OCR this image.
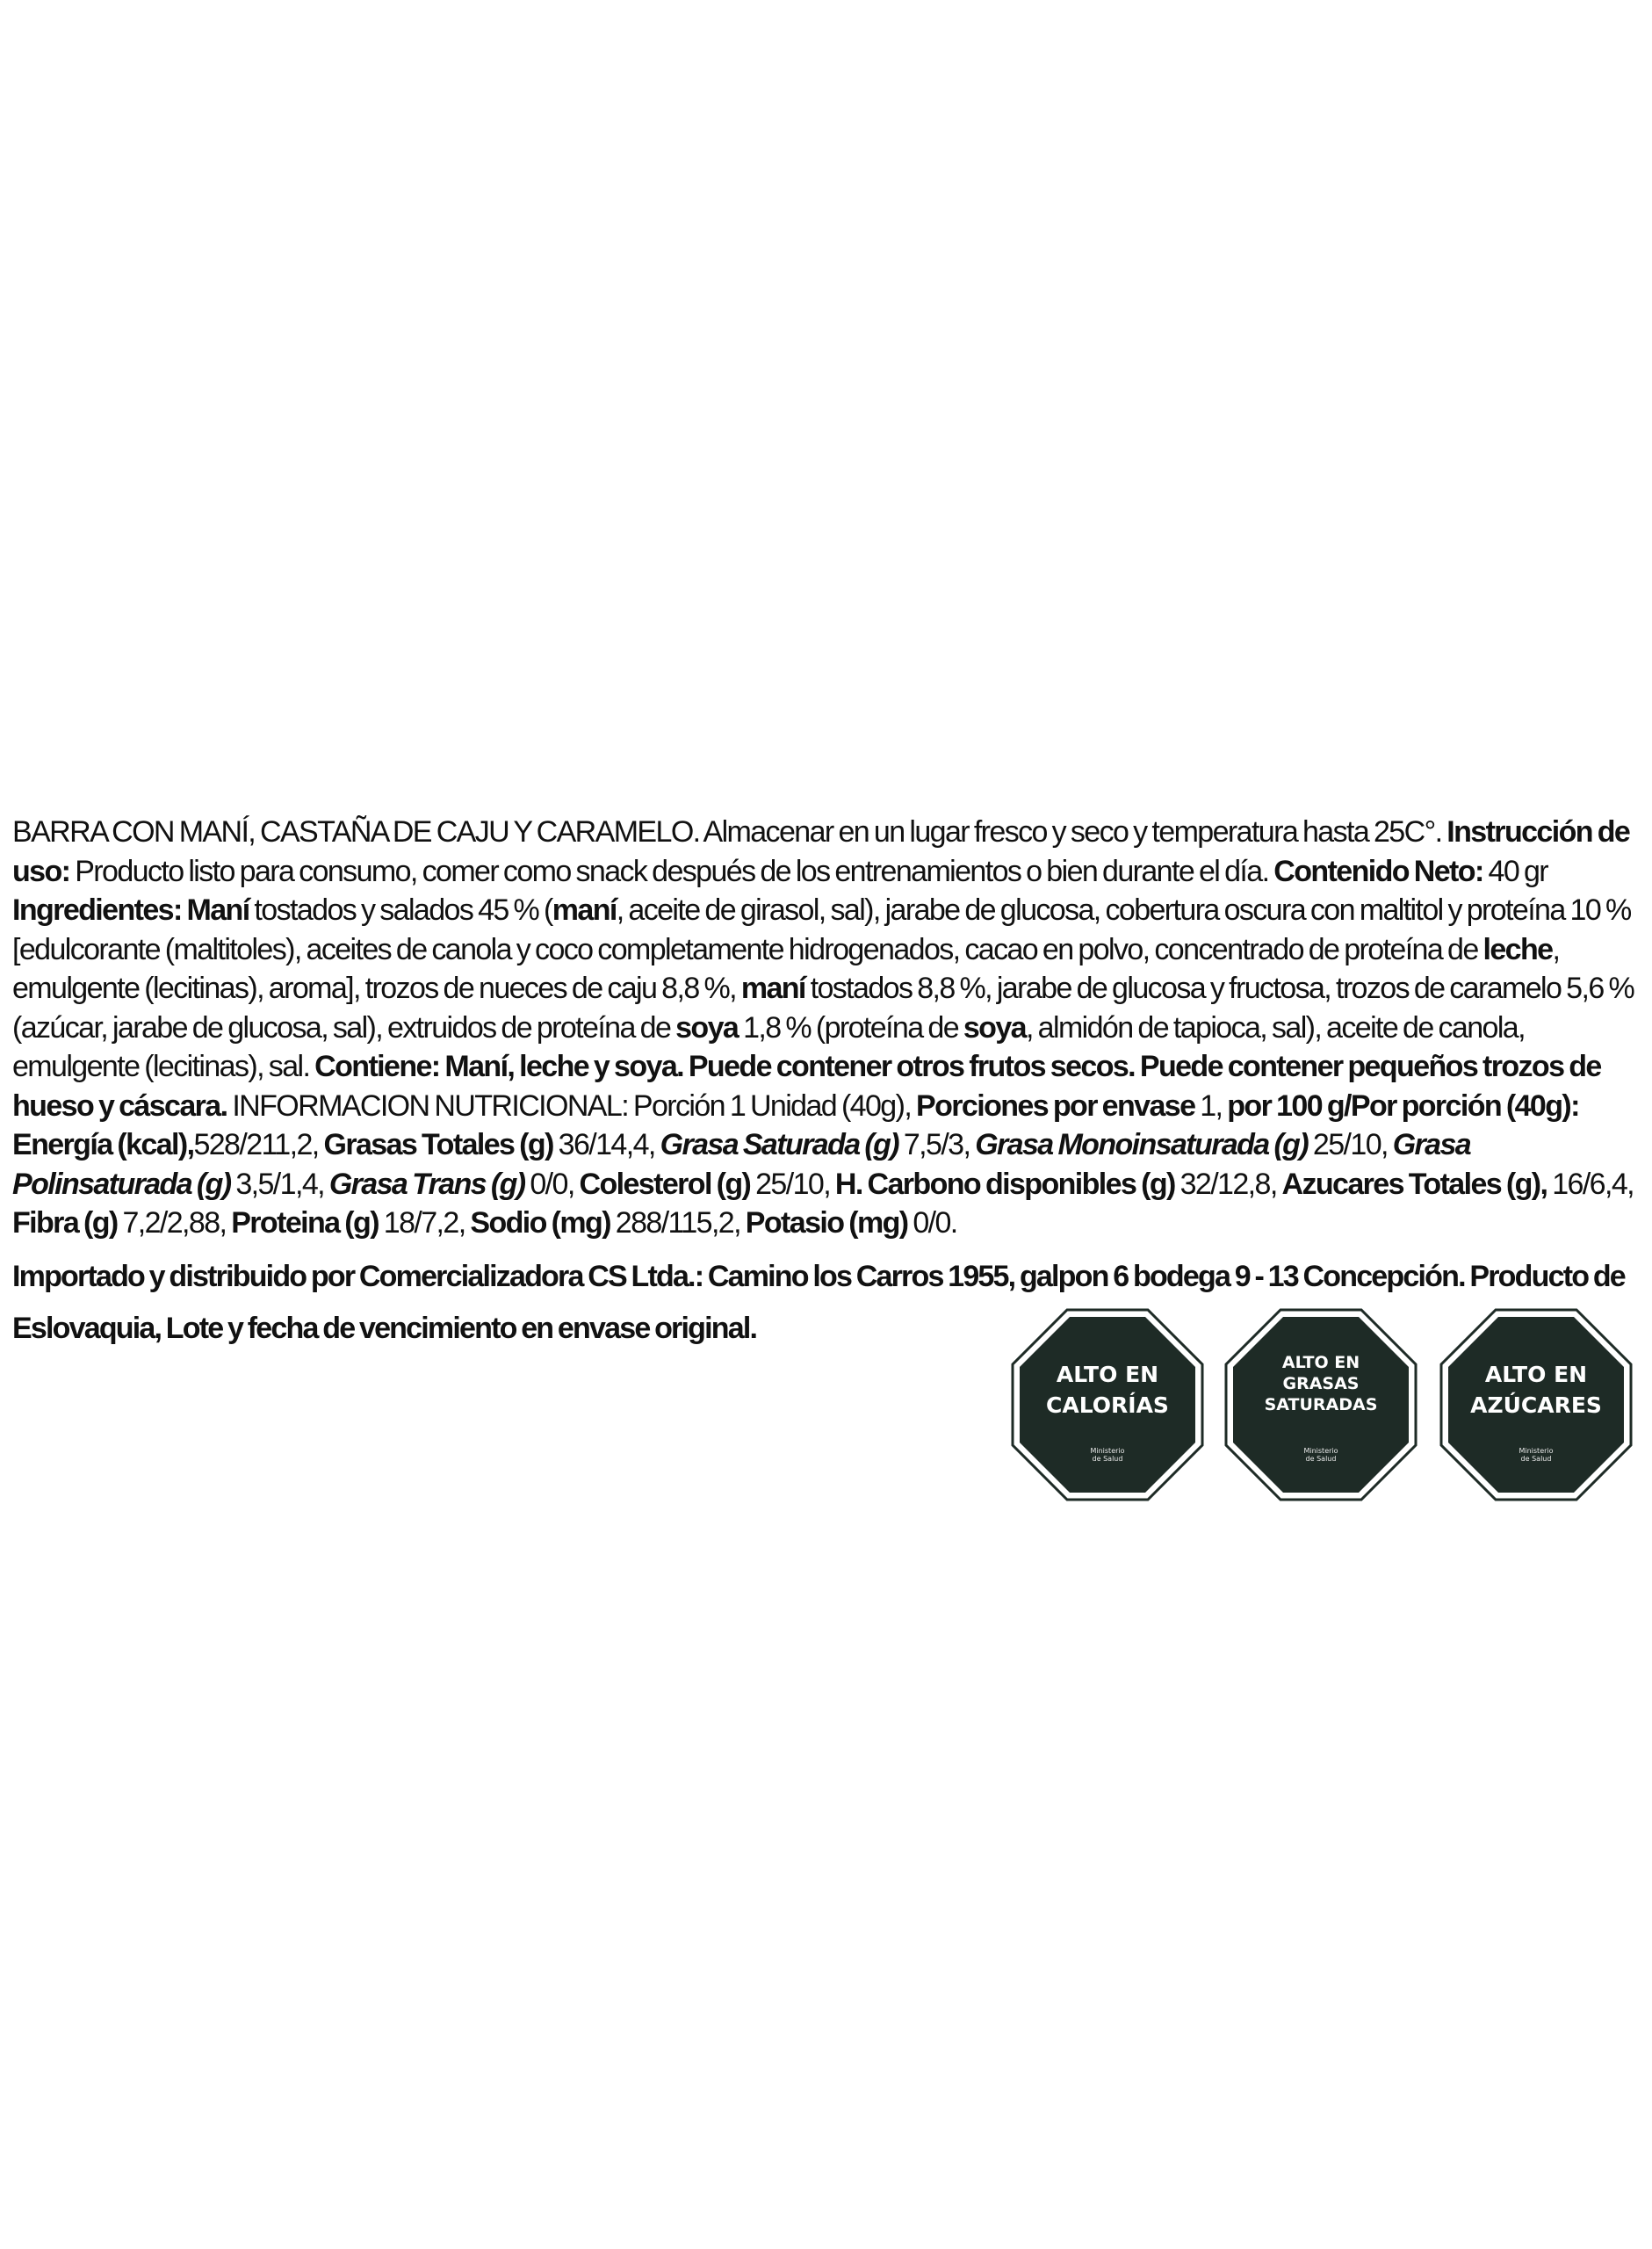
BARRA CON MANÍ, CASTAÑA DE CAJU Y CARAMELO. Almacenar en un lugar fresco y seco y temperatura hasta 25C°. Instrucción de uso: Producto listo para consumo, comer como snack después de los entrenamientos o bien durante el día. Contenido Neto: 40 gr Ingredientes: Maní tostados y salados 45 % (maní, aceite de girasol, sal), jarabe de glucosa, cobertura oscura con maltitol y proteína 10 % [edulcorante (maltitoles), aceites de canola y coco completamente hidrogenados, cacao en polvo, concentrado de proteína de leche, emulgente (lecitinas), aroma], trozos de nueces de caju 8,8 %, maní tostados 8,8 %, jarabe de glucosa y fructosa, trozos de caramelo 5,6 % (azúcar, jarabe de glucosa, sal), extruidos de proteína de soya 1,8 % (proteína de soya, almidón de tapioca, sal), aceite de canola, emulgente (lecitinas), sal. Contiene: Maní, leche y soya. Puede contener otros frutos secos. Puede contener pequeños trozos de hueso y cáscara. INFORMACION NUTRICIONAL: Porción 1 Unidad (40g), Porciones por envase 1, por 100 g/Por porción (40g): Energía (kcal),528/211,2, Grasas Totales (g) 36/14,4, Grasa Saturada (g) 7,5/3, Grasa Monoinsaturada (g) 25/10, Grasa Polinsaturada (g) 3,5/1,4, Grasa Trans (g) 0/0, Colesterol (g) 25/10, H. Carbono disponibles (g) 32/12,8, Azucares Totales (g), 16/6,4, Fibra (g) 7,2/2,88, Proteina (g) 18/7,2, Sodio (mg) 288/115,2, Potasio (mg) 0/0.

Importado y distribuido por Comercializadora CS Ltda.: Camino los Carros 1955, galpon 6 bodega 9 - 13 Concepción. Producto de Eslovaquia, Lote y fecha de vencimiento en envase original.

ALTO EN
CALORÍAS
Ministerio
de Salud
ALTO EN
GRASAS
SATURADAS
Ministerio
de Salud
ALTO EN
AZÚCARES
Ministerio
de Salud
